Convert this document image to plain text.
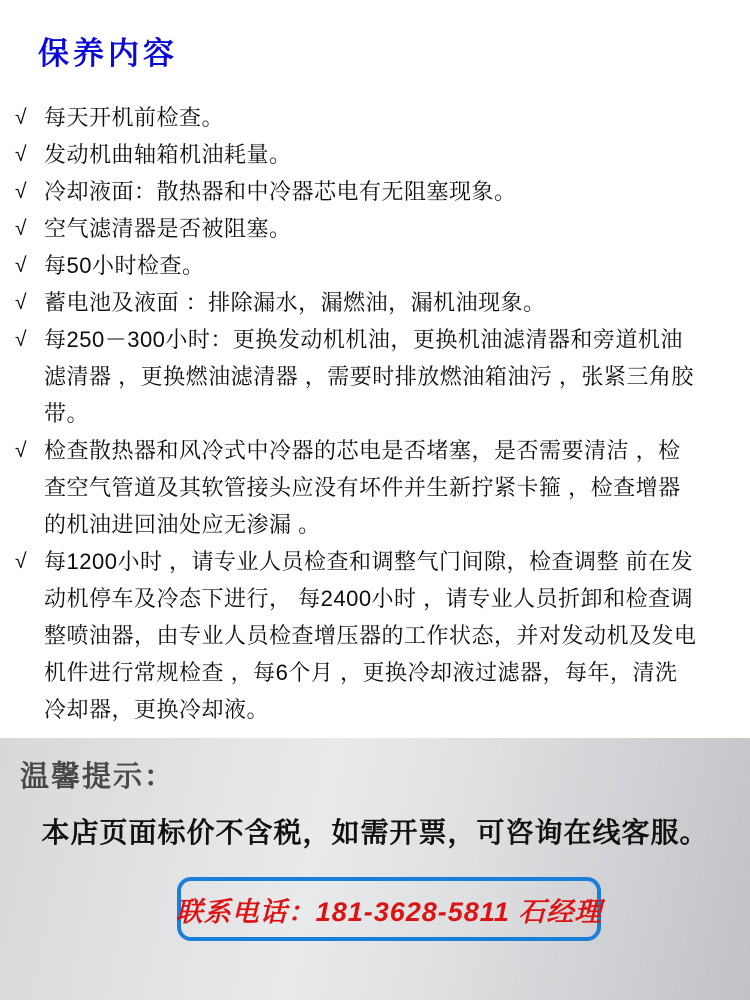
保养内容
√ 每天开机前检查。
√ 发动机曲轴箱机油耗量。
√ 冷却液面：散热器和中冷器芯电有无阻塞现象。
√ 空气滤清器是否被阻塞。
√ 每50小时检查。
√ 蓄电池及液面 ：排除漏水，漏燃油，漏机油现象。
√ 每250－300小时：更换发动机机油，更换机油滤清器和旁道机油滤清器 ，更换燃油滤清器 ，需要时排放燃油箱油污 ，张紧三角胶带。
√ 检查散热器和风冷式中冷器的芯电是否堵塞，是否需要清洁 ，检查空气管道及其软管接头应没有坏件并生新拧紧卡箍 ，检查增器的机油进回油处应无渗漏 。
√ 每1200小时 ，请专业人员检查和调整气门间隙，检查调整 前在发动机停车及冷态下进行， 每2400小时 ，请专业人员折卸和检查调整喷油器，由专业人员检查增压器的工作状态，并对发动机及发电机件进行常规检查 ，每6个月 ，更换冷却液过滤器，每年，清洗冷却器，更换冷却液。
温馨提示：
本店页面标价不含税，如需开票，可咨询在线客服。
联系电话：181-3628-5811 石经理
